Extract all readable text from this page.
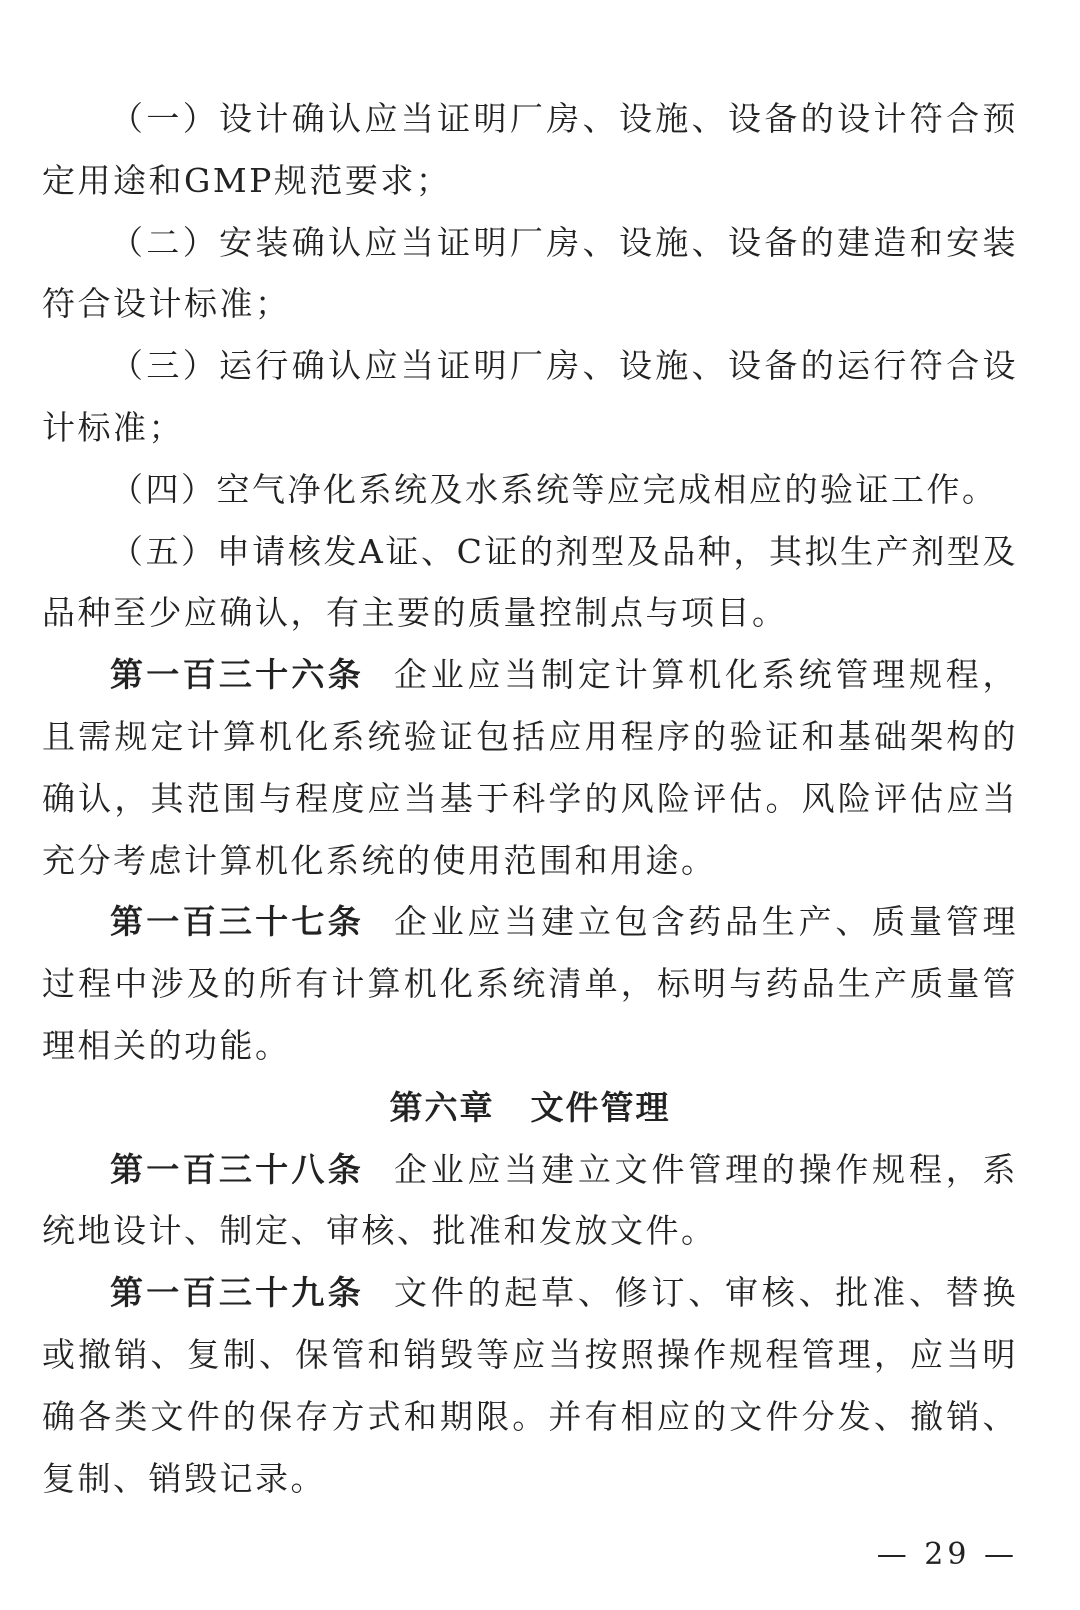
（一）设计确认应当证明厂房、设施、设备的设计符合预定用途和GMP规范要求；

（二）安装确认应当证明厂房、设施、设备的建造和安装符合设计标准；

（三）运行确认应当证明厂房、设施、设备的运行符合设计标准；

（四）空气净化系统及水系统等应完成相应的验证工作。

（五）申请核发A证、C证的剂型及品种，其拟生产剂型及品种至少应确认，有主要的质量控制点与项目。

第一百三十六条 企业应当制定计算机化系统管理规程，且需规定计算机化系统验证包括应用程序的验证和基础架构的确认，其范围与程度应当基于科学的风险评估。风险评估应当充分考虑计算机化系统的使用范围和用途。

第一百三十七条 企业应当建立包含药品生产、质量管理过程中涉及的所有计算机化系统清单，标明与药品生产质量管理相关的功能。

第六章 文件管理

第一百三十八条 企业应当建立文件管理的操作规程，系统地设计、制定、审核、批准和发放文件。

第一百三十九条 文件的起草、修订、审核、批准、替换或撤销、复制、保管和销毁等应当按照操作规程管理，应当明确各类文件的保存方式和期限。并有相应的文件分发、撤销、复制、销毁记录。

— 29 —
